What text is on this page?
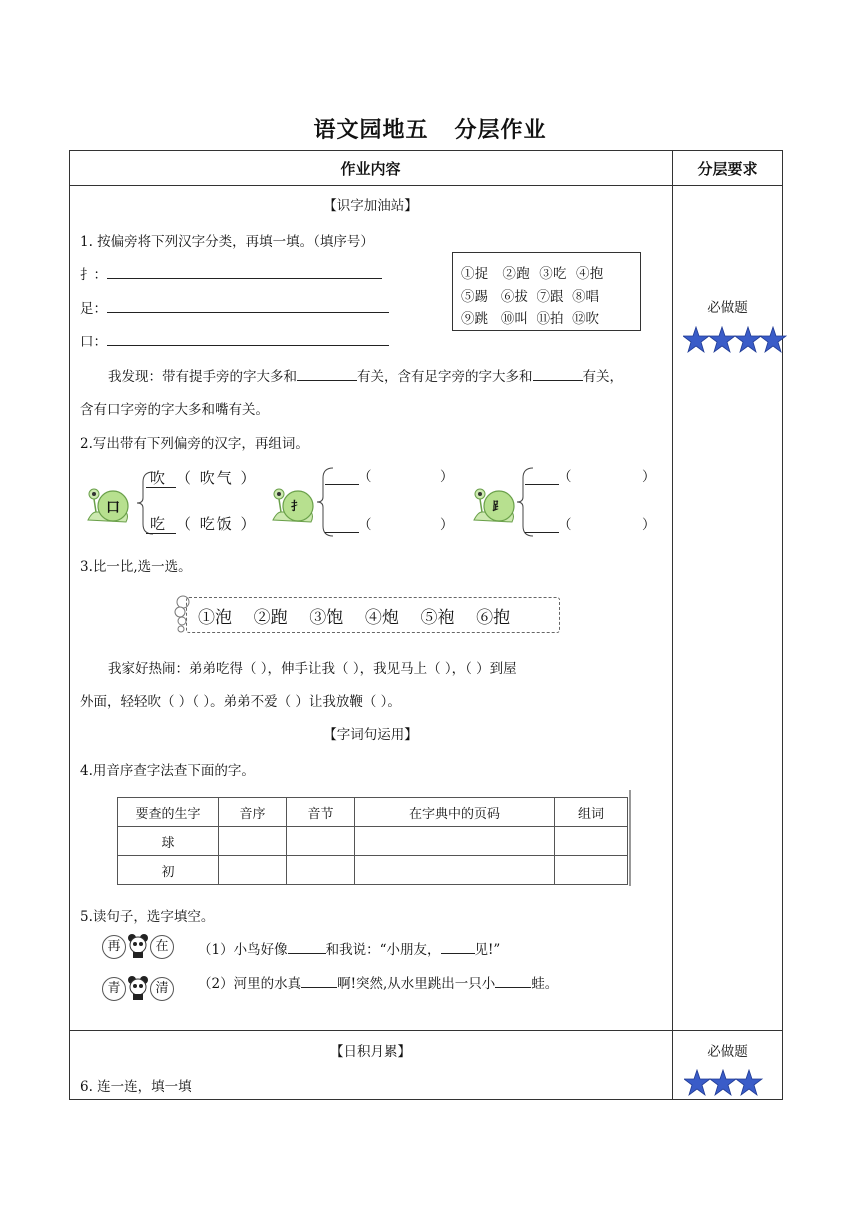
语文园地五 分层作业
作业内容	分层要求
必做题
必做题
【识字加油站】
1. 按偏旁将下列汉字分类，再填一填。（填序号）
扌：
足：
口：
①捉 ②跑 ③吃 ④抱
⑤踢 ⑥拔 ⑦跟 ⑧唱
⑨跳 ⑩叫 ⑪拍 ⑫吹
我发现：带有提手旁的字大多和	有关，含有足字旁的字大多和	有关，
含有口字旁的字大多和嘴有关。
2.写出带有下列偏旁的汉字，再组词。
口
吹 （ 吹气 ）
吃 （ 吃饭 ）
扌
（	）
（	）
⻊
（	）
（	）
3.比一比,选一选。
①泡 ②跑 ③饱 ④炮 ⑤袍 ⑥抱
我家好热闹：弟弟吃得（ ），伸手让我（ ），我见马上（ ），（ ）到屋
外面，轻轻吹（ ）（ ）。弟弟不爱（ ）让我放鞭（ ）。
【字词句运用】
4.用音序查字法查下面的字。
要查的生字	音序	音节	在字典中的页码	组词
球				
初				
5.读句子，选字填空。
再	在
青	清
（1）小鸟好像	和我说：“小朋友，	见!”
（2）河里的水真	啊!突然,从水里跳出一只小	蛙。
【日积月累】
6. 连一连，填一填
